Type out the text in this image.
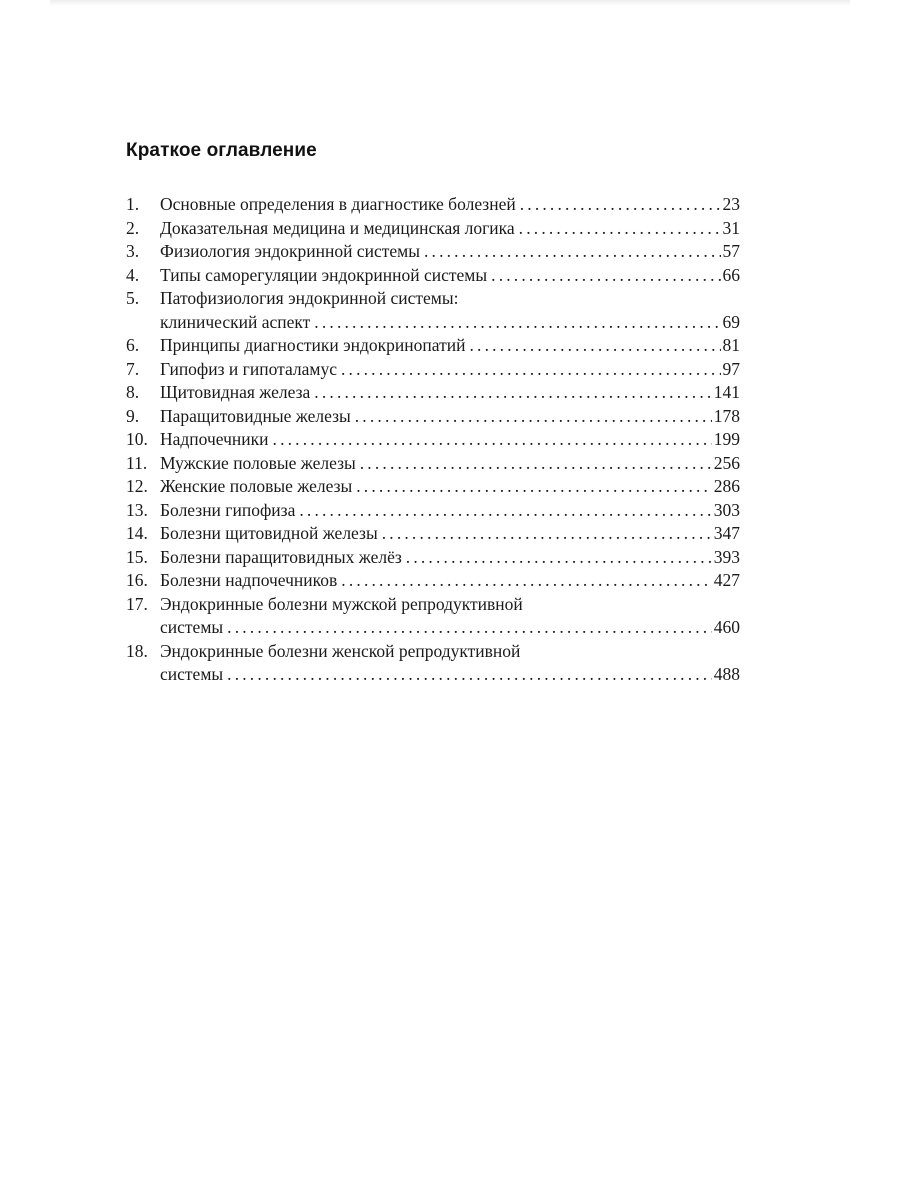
Краткое оглавление
1.	Основные определения в диагностике болезней . . .	23
2.	Доказательная медицина и медицинская логика . . .	31
3.	Физиология эндокринной системы . . .	57
4.	Типы саморегуляции эндокринной системы . . .	66
5.	Патофизиология эндокринной системы:
клинический аспект . . .	69
6.	Принципы диагностики эндокринопатий . . .	81
7.	Гипофиз и гипоталамус . . .	97
8.	Щитовидная железа . . .	141
9.	Паращитовидные железы . . .	178
10. Надпочечники . . .	199
11. Мужские половые железы . . .	256
12. Женские половые железы . . .	286
13. Болезни гипофиза . . .	303
14. Болезни щитовидной железы . . .	347
15. Болезни паращитовидных желёз . . .	393
16. Болезни надпочечников . . .	427
17. Эндокринные болезни мужской репродуктивной
системы . . .	460
18. Эндокринные болезни женской репродуктивной
системы . . .	488
